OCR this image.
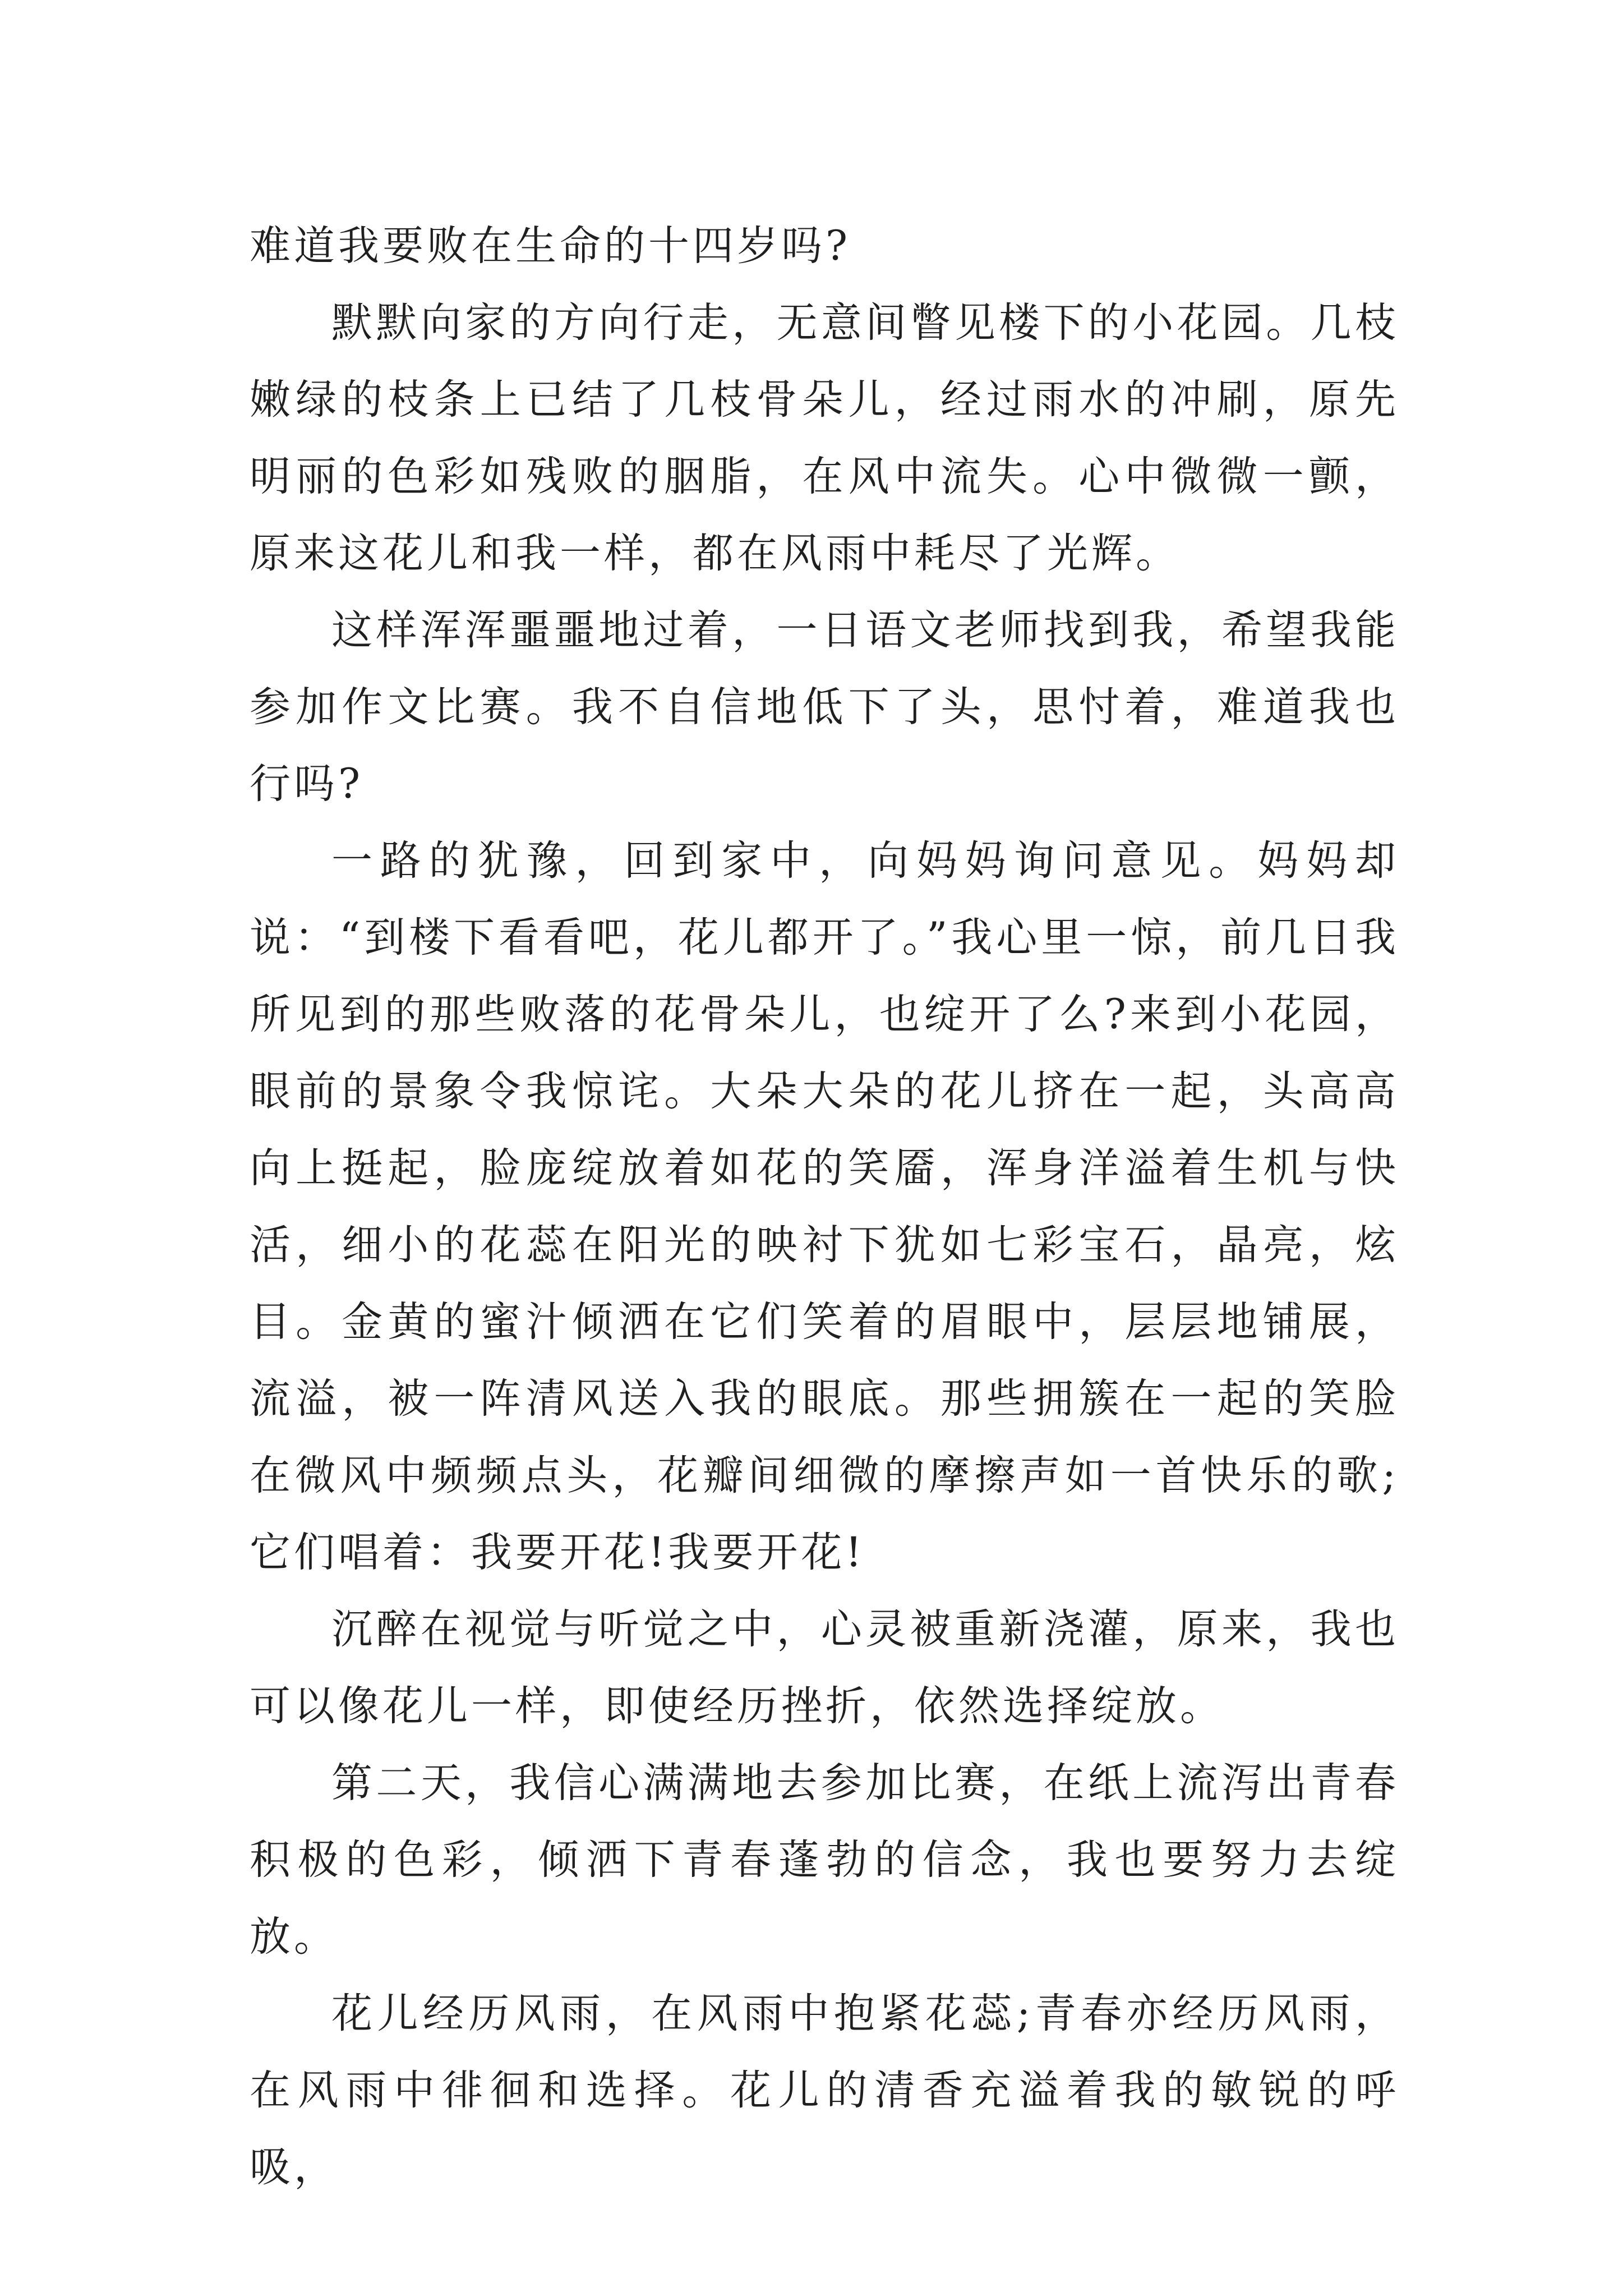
难道我要败在生命的十四岁吗?

默默向家的方向行走，无意间瞥见楼下的小花园。几枝嫩绿的枝条上已结了几枝骨朵儿，经过雨水的冲刷，原先明丽的色彩如残败的胭脂，在风中流失。心中微微一颤，原来这花儿和我一样，都在风雨中耗尽了光辉。

这样浑浑噩噩地过着，一日语文老师找到我，希望我能参加作文比赛。我不自信地低下了头，思忖着，难道我也行吗?

一路的犹豫，回到家中，向妈妈询问意见。妈妈却说：“到楼下看看吧，花儿都开了。”我心里一惊，前几日我所见到的那些败落的花骨朵儿，也绽开了么?来到小花园，眼前的景象令我惊诧。大朵大朵的花儿挤在一起，头高高向上挺起，脸庞绽放着如花的笑靥，浑身洋溢着生机与快活，细小的花蕊在阳光的映衬下犹如七彩宝石，晶亮，炫目。金黄的蜜汁倾洒在它们笑着的眉眼中，层层地铺展，流溢，被一阵清风送入我的眼底。那些拥簇在一起的笑脸在微风中频频点头，花瓣间细微的摩擦声如一首快乐的歌;它们唱着：我要开花!我要开花!

沉醉在视觉与听觉之中，心灵被重新浇灌，原来，我也可以像花儿一样，即使经历挫折，依然选择绽放。

第二天，我信心满满地去参加比赛，在纸上流泻出青春积极的色彩，倾洒下青春蓬勃的信念，我也要努力去绽放。

花儿经历风雨，在风雨中抱紧花蕊;青春亦经历风雨，在风雨中徘徊和选择。花儿的清香充溢着我的敏锐的呼吸，
